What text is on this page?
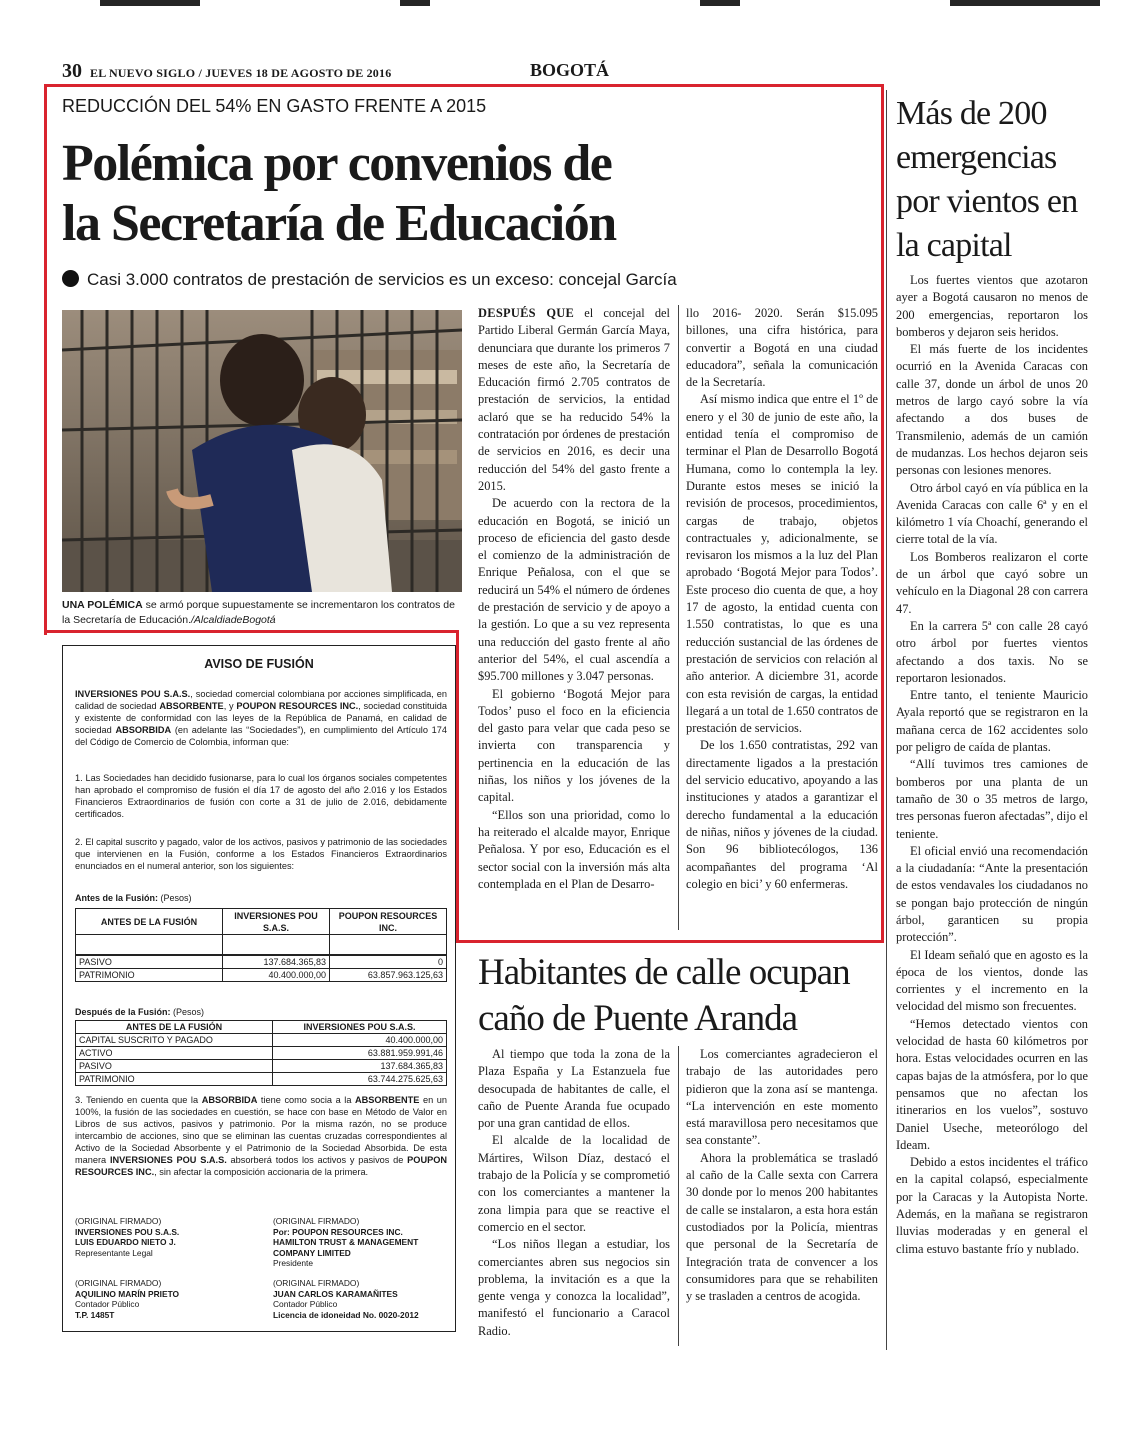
30 EL NUEVO SIGLO / JUEVES 18 DE AGOSTO DE 2016	BOGOTÁ
REDUCCIÓN DEL 54% EN GASTO FRENTE A 2015
Polémica por convenios de
la Secretaría de Educación
Casi 3.000 contratos de prestación de servicios es un exceso: concejal García
UNA POLÉMICA se armó porque supuestamente se incrementaron los contratos de la Secretaría de Educación./AlcaldiadeBogotá

DESPUÉS QUE el concejal del Partido Liberal Germán García Maya, denunciara que durante los primeros 7 meses de este año, la Secretaría de Educación firmó 2.705 contratos de prestación de servicios, la entidad aclaró que se ha reducido 54% la contratación por órdenes de prestación de servicios en 2016, es decir una reducción del 54% del gasto frente a 2015.

De acuerdo con la rectora de la educación en Bogotá, se inició un proceso de eficiencia del gasto desde el comienzo de la administración de Enrique Peñalosa, con el que se reducirá un 54% el número de órdenes de prestación de servicio y de apoyo a la gestión. Lo que a su vez representa una reducción del gasto frente al año anterior del 54%, el cual ascendía a $95.700 millones y 3.047 personas.

El gobierno ‘Bogotá Mejor para Todos’ puso el foco en la eficiencia del gasto para velar que cada peso se invierta con transparencia y pertinencia en la educación de las niñas, los niños y los jóvenes de la capital.

“Ellos son una prioridad, como lo ha reiterado el alcalde mayor, Enrique Peñalosa. Y por eso, Educación es el sector social con la inversión más alta contemplada en el Plan de Desarro-

llo 2016- 2020. Serán $15.095 billones, una cifra histórica, para convertir a Bogotá en una ciudad educadora”, señala la comunicación de la Secretaría.

Así mismo indica que entre el 1º de enero y el 30 de junio de este año, la entidad tenía el compromiso de terminar el Plan de Desarrollo Bogotá Humana, como lo contempla la ley. Durante estos meses se inició la revisión de procesos, procedimientos, cargas de trabajo, objetos contractuales y, adicionalmente, se revisaron los mismos a la luz del Plan aprobado ‘Bogotá Mejor para Todos’. Este proceso dio cuenta de que, a hoy 17 de agosto, la entidad cuenta con 1.550 contratistas, lo que es una reducción sustancial de las órdenes de prestación de servicios con relación al año anterior. A diciembre 31, acorde con esta revisión de cargas, la entidad llegará a un total de 1.650 contratos de prestación de servicios.

De los 1.650 contratistas, 292 van directamente ligados a la prestación del servicio educativo, apoyando a las instituciones y atados a garantizar el derecho fundamental a la educación de niñas, niños y jóvenes de la ciudad. Son 96 bibliotecólogos, 136 acompañantes del programa ‘Al colegio en bici’ y 60 enfermeras.

Más de 200 emergencias por vientos en la capital

Los fuertes vientos que azotaron ayer a Bogotá causaron no menos de 200 emergencias, reportaron los bomberos y dejaron seis heridos.

El más fuerte de los incidentes ocurrió en la Avenida Caracas con calle 37, donde un árbol de unos 20 metros de largo cayó sobre la vía afectando a dos buses de Transmilenio, además de un camión de mudanzas. Los hechos dejaron seis personas con lesiones menores.

Otro árbol cayó en vía pública en la Avenida Caracas con calle 6ª y en el kilómetro 1 vía Choachí, generando el cierre total de la vía.

Los Bomberos realizaron el corte de un árbol que cayó sobre un vehículo en la Diagonal 28 con carrera 47.

En la carrera 5ª con calle 28 cayó otro árbol por fuertes vientos afectando a dos taxis. No se reportaron lesionados.

Entre tanto, el teniente Mauricio Ayala reportó que se registraron en la mañana cerca de 162 accidentes solo por peligro de caída de plantas.

“Allí tuvimos tres camiones de bomberos por una planta de un tamaño de 30 o 35 metros de largo, tres personas fueron afectadas”, dijo el teniente.

El oficial envió una recomendación a la ciudadanía: “Ante la presentación de estos vendavales los ciudadanos no se pongan bajo protección de ningún árbol, garanticen su propia protección”.

El Ideam señaló que en agosto es la época de los vientos, donde las corrientes y el incremento en la velocidad del mismo son frecuentes.

“Hemos detectado vientos con velocidad de hasta 60 kilómetros por hora. Estas velocidades ocurren en las capas bajas de la atmósfera, por lo que pensamos que no afectan los itinerarios en los vuelos”, sostuvo Daniel Useche, meteorólogo del Ideam.

Debido a estos incidentes el tráfico en la capital colapsó, especialmente por la Caracas y la Autopista Norte. Además, en la mañana se registraron lluvias moderadas y en general el clima estuvo bastante frío y nublado.

Habitantes de calle ocupan
caño de Puente Aranda

Al tiempo que toda la zona de la Plaza España y La Estanzuela fue desocupada de habitantes de calle, el caño de Puente Aranda fue ocupado por una gran cantidad de ellos.

El alcalde de la localidad de Mártires, Wilson Díaz, destacó el trabajo de la Policía y se comprometió con los comerciantes a mantener la zona limpia para que se reactive el comercio en el sector.

“Los niños llegan a estudiar, los comerciantes abren sus negocios sin problema, la invitación es a que la gente venga y conozca la localidad”, manifestó el funcionario a Caracol Radio.

Los comerciantes agradecieron el trabajo de las autoridades pero pidieron que la zona así se mantenga. “La intervención en este momento está maravillosa pero necesitamos que sea constante”.

Ahora la problemática se trasladó al caño de la Calle sexta con Carrera 30 donde por lo menos 200 habitantes de calle se instalaron, a esta hora están custodiados por la Policía, mientras que personal de la Secretaría de Integración trata de convencer a los consumidores para que se rehabiliten y se trasladen a centros de acogida.

AVISO DE FUSIÓN
INVERSIONES POU S.A.S., sociedad comercial colombiana por acciones simplificada, en calidad de sociedad ABSORBENTE, y POUPON RESOURCES INC., sociedad constituida y existente de conformidad con las leyes de la República de Panamá, en calidad de sociedad ABSORBIDA (en adelante las “Sociedades”), en cumplimiento del Artículo 174 del Código de Comercio de Colombia, informan que:
1. Las Sociedades han decidido fusionarse, para lo cual los órganos sociales competentes han aprobado el compromiso de fusión el día 17 de agosto del año 2.016 y los Estados Financieros Extraordinarios de fusión con corte a 31 de julio de 2.016, debidamente certificados.
2. El capital suscrito y pagado, valor de los activos, pasivos y patrimonio de las sociedades que intervienen en la Fusión, conforme a los Estados Financieros Extraordinarios enunciados en el numeral anterior, son los siguientes:
Antes de la Fusión: (Pesos)
ANTES DE LA FUSIÓN	INVERSIONES POU S.A.S.	POUPON RESOURCES INC.

PASIVO	137.684.365,83	0
PATRIMONIO	40.400.000,00	63.857.963.125,63
Después de la Fusión: (Pesos)
ANTES DE LA FUSIÓN	INVERSIONES POU S.A.S.
CAPITAL SUSCRITO Y PAGADO	40.400.000,00
ACTIVO	63.881.959.991,46
PASIVO	137.684.365,83
PATRIMONIO	63.744.275.625,63
3. Teniendo en cuenta que la ABSORBIDA tiene como socia a la ABSORBENTE en un 100%, la fusión de las sociedades en cuestión, se hace con base en Método de Valor en Libros de sus activos, pasivos y patrimonio. Por la misma razón, no se produce intercambio de acciones, sino que se eliminan las cuentas cruzadas correspondientes al Activo de la Sociedad Absorbente y el Patrimonio de la Sociedad Absorbida. De esta manera INVERSIONES POU S.A.S. absorberá todos los activos y pasivos de POUPON RESOURCES INC., sin afectar la composición accionaria de la primera.
(ORIGINAL FIRMADO)
INVERSIONES POU S.A.S.
LUIS EDUARDO NIETO J.
Representante Legal
(ORIGINAL FIRMADO)
Por: POUPON RESOURCES INC.
HAMILTON TRUST & MANAGEMENT
COMPANY LIMITED
Presidente
(ORIGINAL FIRMADO)
AQUILINO MARÍN PRIETO
Contador Público
T.P. 1485T
(ORIGINAL FIRMADO)
JUAN CARLOS KARAMAÑITES
Contador Público
Licencia de idoneidad No. 0020-2012
